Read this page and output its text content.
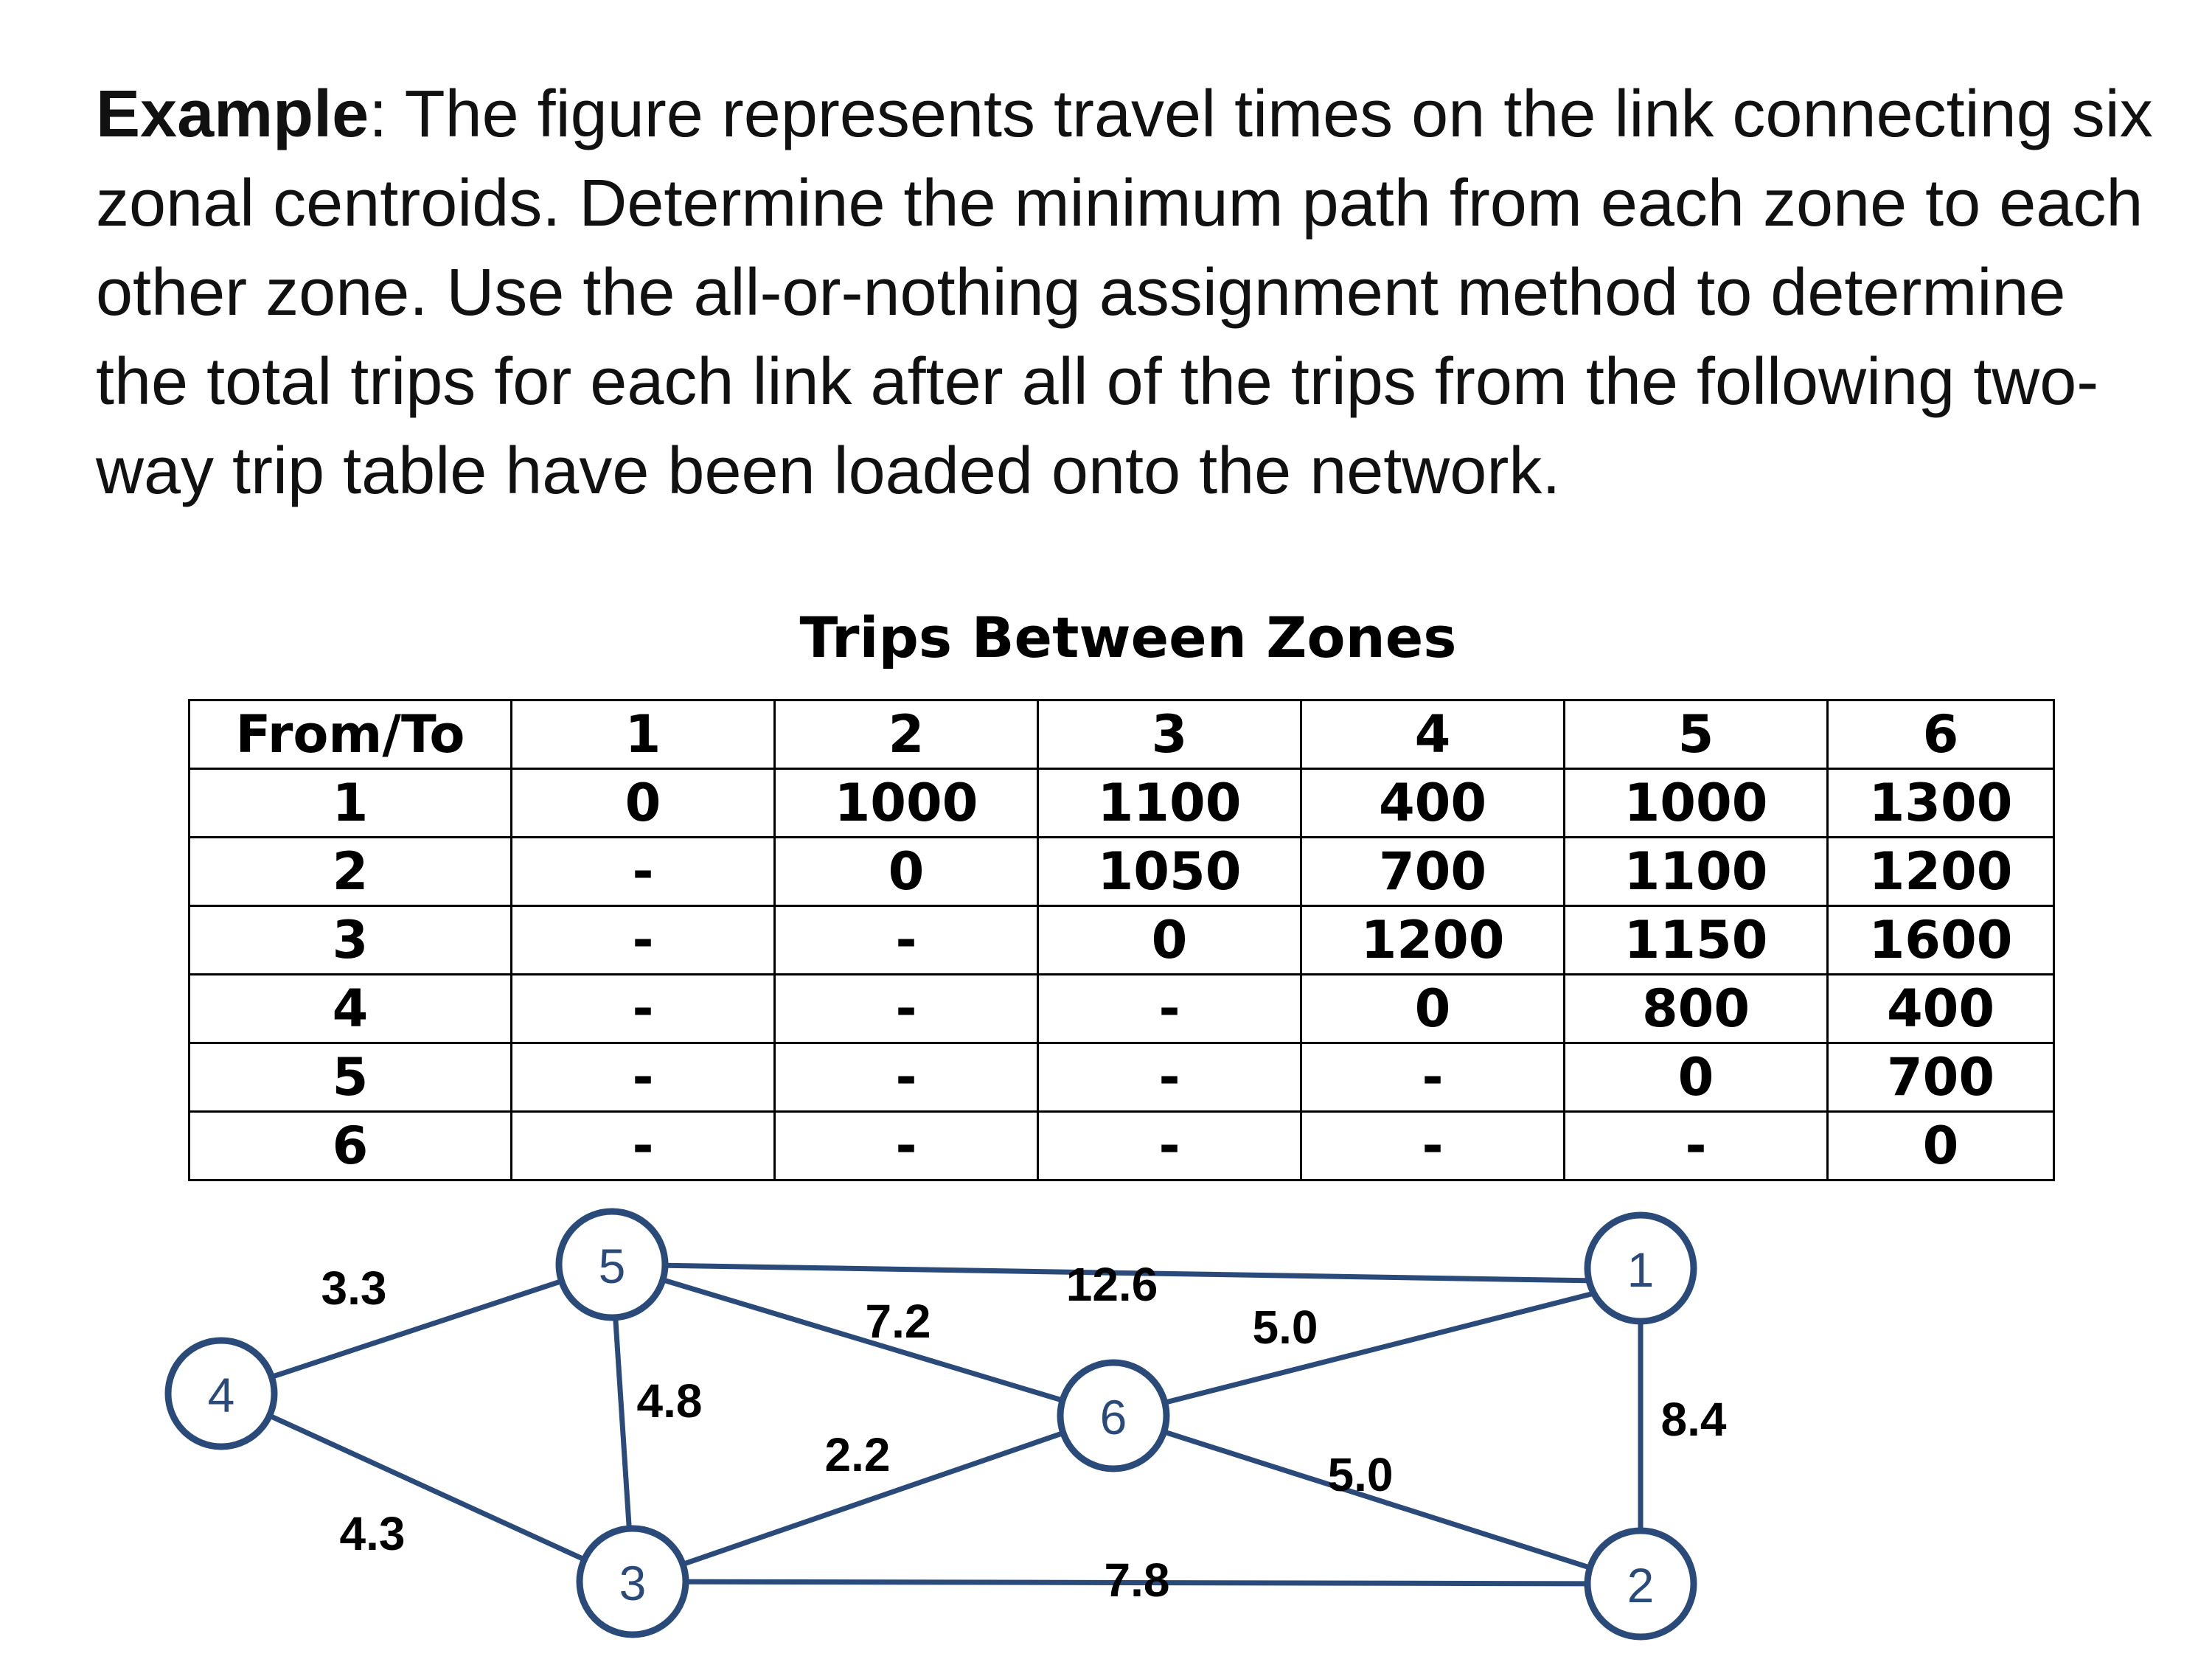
Example: The figure represents travel times on the link connecting six zonal centroids. Determine the minimum path from each zone to each other zone. Use the all-or-nothing assignment method to determine the total trips for each link after all of the trips from the following two-way trip table have been loaded onto the network.

Trips Between Zones
From/To	1	2	3	4	5	6
1	0	1000	1100	400	1000	1300
2	-	0	1050	700	1100	1200
3	-	-	0	1200	1150	1600
4	-	-	-	0	800	400
5	-	-	-	-	0	700
6	-	-	-	-	-	0
3.3
4.3
4.8
12.6
7.2
2.2
5.0
5.0
7.8
8.4
1
2
3
4
5
6
